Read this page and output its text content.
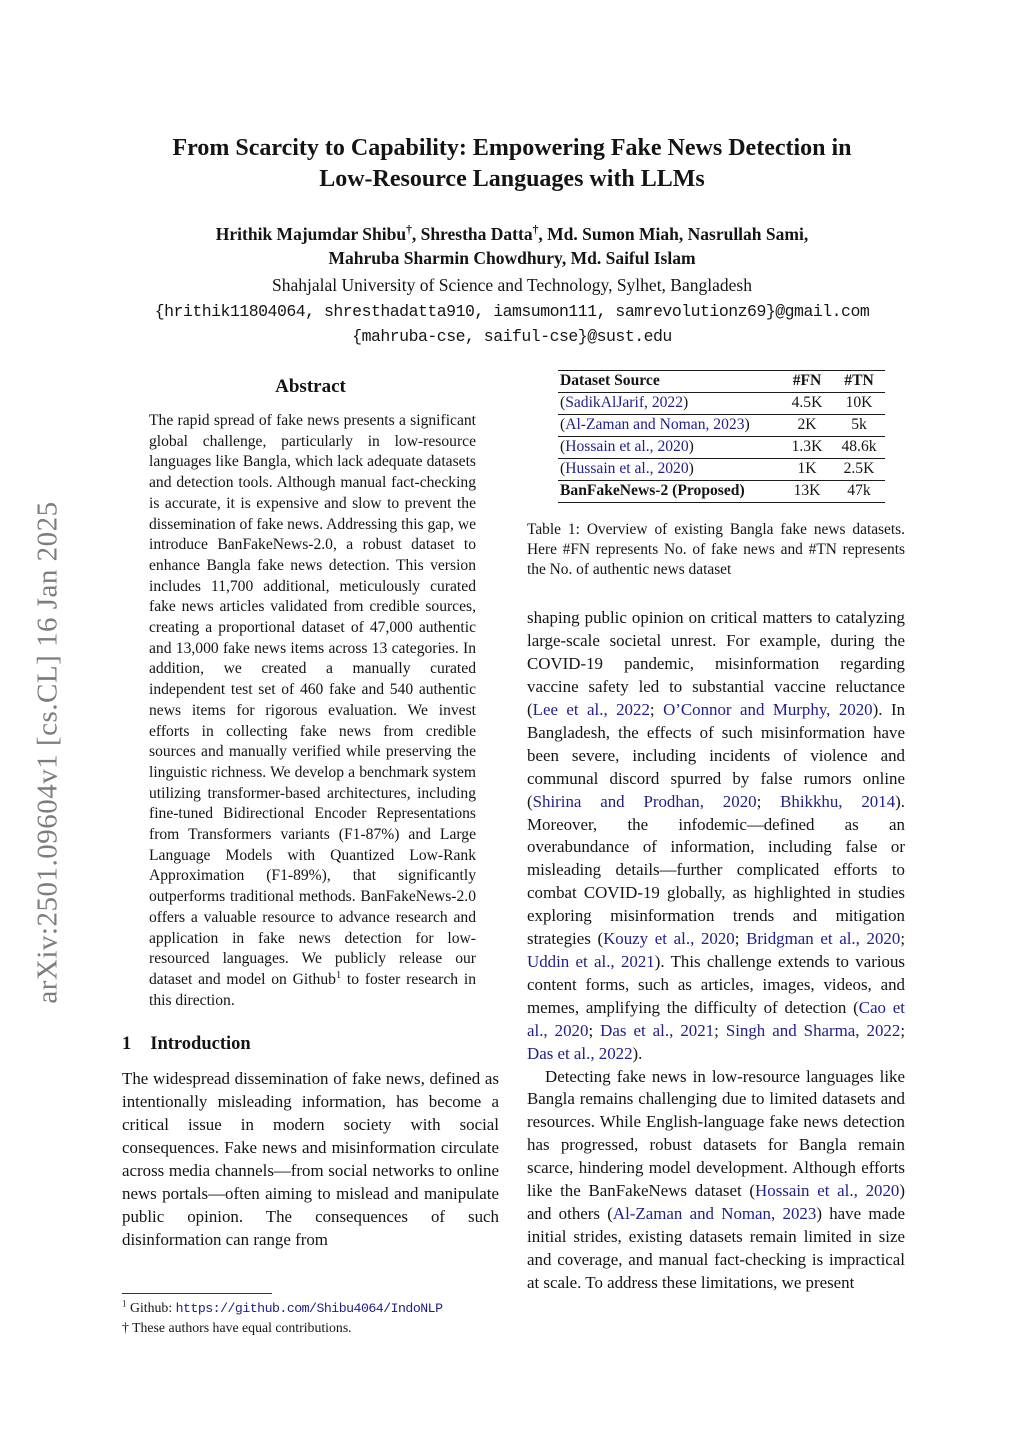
arXiv:2501.09604v1 [cs.CL] 16 Jan 2025
From Scarcity to Capability: Empowering Fake News Detection in
Low-Resource Languages with LLMs
Hrithik Majumdar Shibu†, Shrestha Datta†, Md. Sumon Miah, Nasrullah Sami,
Mahruba Sharmin Chowdhury, Md. Saiful Islam
Shahjalal University of Science and Technology, Sylhet, Bangladesh
{hrithik11804064, shresthadatta910, iamsumon111, samrevolutionz69}@gmail.com
{mahruba-cse, saiful-cse}@sust.edu
Abstract
The rapid spread of fake news presents a significant global challenge, particularly in low-resource languages like Bangla, which lack adequate datasets and detection tools. Although manual fact-checking is accurate, it is expensive and slow to prevent the dissemination of fake news. Addressing this gap, we introduce BanFakeNews-2.0, a robust dataset to enhance Bangla fake news detection. This version includes 11,700 additional, meticulously curated fake news articles validated from credible sources, creating a proportional dataset of 47,000 authentic and 13,000 fake news items across 13 categories. In addition, we created a manually curated independent test set of 460 fake and 540 authentic news items for rigorous evaluation. We invest efforts in collecting fake news from credible sources and manually verified while preserving the linguistic richness. We develop a benchmark system utilizing transformer-based architectures, including fine-tuned Bidirectional Encoder Representations from Transformers variants (F1-87%) and Large Language Models with Quantized Low-Rank Approximation (F1-89%), that significantly outperforms traditional methods. BanFakeNews-2.0 offers a valuable resource to advance research and application in fake news detection for low-resourced languages. We publicly release our dataset and model on Github$^1$ to foster research in this direction.
1 Introduction
The widespread dissemination of fake news, defined as intentionally misleading information, has become a critical issue in modern society with social consequences. Fake news and misinformation circulate across media channels—from social networks to online news portals—often aiming to mislead and manipulate public opinion. The consequences of such disinformation can range from
Dataset Source	#FN	#TN
(SadikAlJarif, 2022)	4.5K	10K
(Al-Zaman and Noman, 2023)	2K	5k
(Hossain et al., 2020)	1.3K	48.6k
(Hussain et al., 2020)	1K	2.5K
BanFakeNews-2 (Proposed)	13K	47k
Table 1: Overview of existing Bangla fake news datasets. Here #FN represents No. of fake news and #TN represents the No. of authentic news dataset
shaping public opinion on critical matters to catalyzing large-scale societal unrest. For example, during the COVID-19 pandemic, misinformation regarding vaccine safety led to substantial vaccine reluctance (Lee et al., 2022; O’Connor and Murphy, 2020). In Bangladesh, the effects of such misinformation have been severe, including incidents of violence and communal discord spurred by false rumors online (Shirina and Prodhan, 2020; Bhikkhu, 2014). Moreover, the infodemic—defined as an overabundance of information, including false or misleading details—further complicated efforts to combat COVID-19 globally, as highlighted in studies exploring misinformation trends and mitigation strategies (Kouzy et al., 2020; Bridgman et al., 2020; Uddin et al., 2021). This challenge extends to various content forms, such as articles, images, videos, and memes, amplifying the difficulty of detection (Cao et al., 2020; Das et al., 2021; Singh and Sharma, 2022; Das et al., 2022).
Detecting fake news in low-resource languages like Bangla remains challenging due to limited datasets and resources. While English-language fake news detection has progressed, robust datasets for Bangla remain scarce, hindering model development. Although efforts like the BanFakeNews dataset (Hossain et al., 2020) and others (Al-Zaman and Noman, 2023) have made initial strides, existing datasets remain limited in size and coverage, and manual fact-checking is impractical at scale. To address these limitations, we present
$^1$ Github: https://github.com/Shibu4064/IndoNLP
† These authors have equal contributions.
